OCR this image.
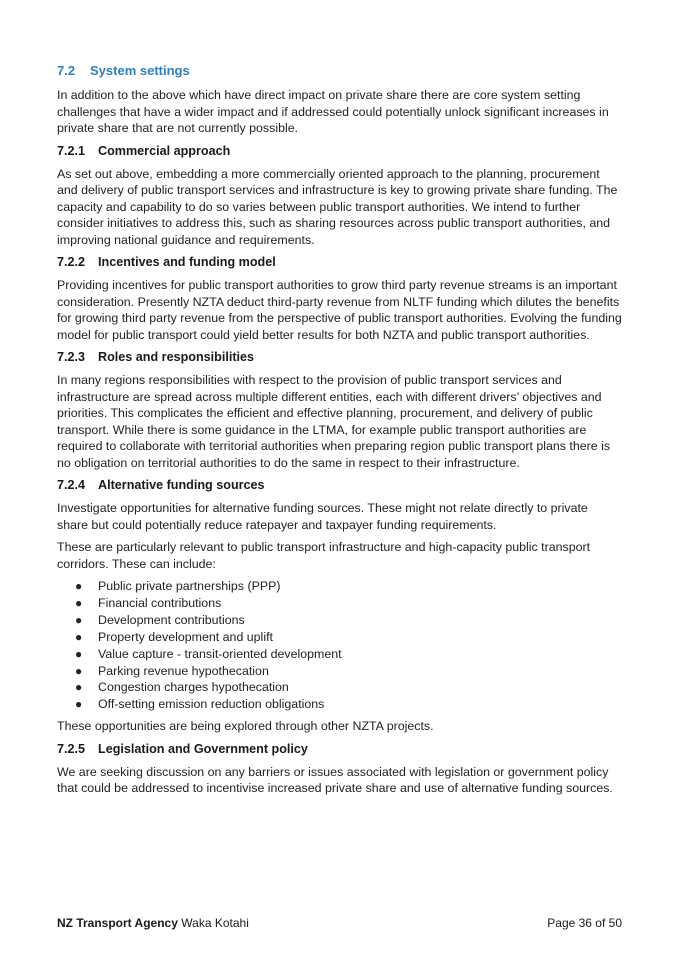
7.2 System settings

In addition to the above which have direct impact on private share there are core system setting challenges that have a wider impact and if addressed could potentially unlock significant increases in private share that are not currently possible.

7.2.1 Commercial approach

As set out above, embedding a more commercially oriented approach to the planning, procurement and delivery of public transport services and infrastructure is key to growing private share funding. The capacity and capability to do so varies between public transport authorities. We intend to further consider initiatives to address this, such as sharing resources across public transport authorities, and improving national guidance and requirements.

7.2.2 Incentives and funding model

Providing incentives for public transport authorities to grow third party revenue streams is an important consideration. Presently NZTA deduct third-party revenue from NLTF funding which dilutes the benefits for growing third party revenue from the perspective of public transport authorities. Evolving the funding model for public transport could yield better results for both NZTA and public transport authorities.

7.2.3 Roles and responsibilities

In many regions responsibilities with respect to the provision of public transport services and infrastructure are spread across multiple different entities, each with different drivers’ objectives and priorities. This complicates the efficient and effective planning, procurement, and delivery of public transport. While there is some guidance in the LTMA, for example public transport authorities are required to collaborate with territorial authorities when preparing region public transport plans there is no obligation on territorial authorities to do the same in respect to their infrastructure.

7.2.4 Alternative funding sources

Investigate opportunities for alternative funding sources. These might not relate directly to private share but could potentially reduce ratepayer and taxpayer funding requirements.

These are particularly relevant to public transport infrastructure and high-capacity public transport corridors. These can include:

● Public private partnerships (PPP)
● Financial contributions
● Development contributions
● Property development and uplift
● Value capture - transit-oriented development
● Parking revenue hypothecation
● Congestion charges hypothecation
● Off-setting emission reduction obligations

These opportunities are being explored through other NZTA projects.

7.2.5 Legislation and Government policy

We are seeking discussion on any barriers or issues associated with legislation or government policy that could be addressed to incentivise increased private share and use of alternative funding sources.

NZ Transport Agency Waka Kotahi	Page 36 of 50
